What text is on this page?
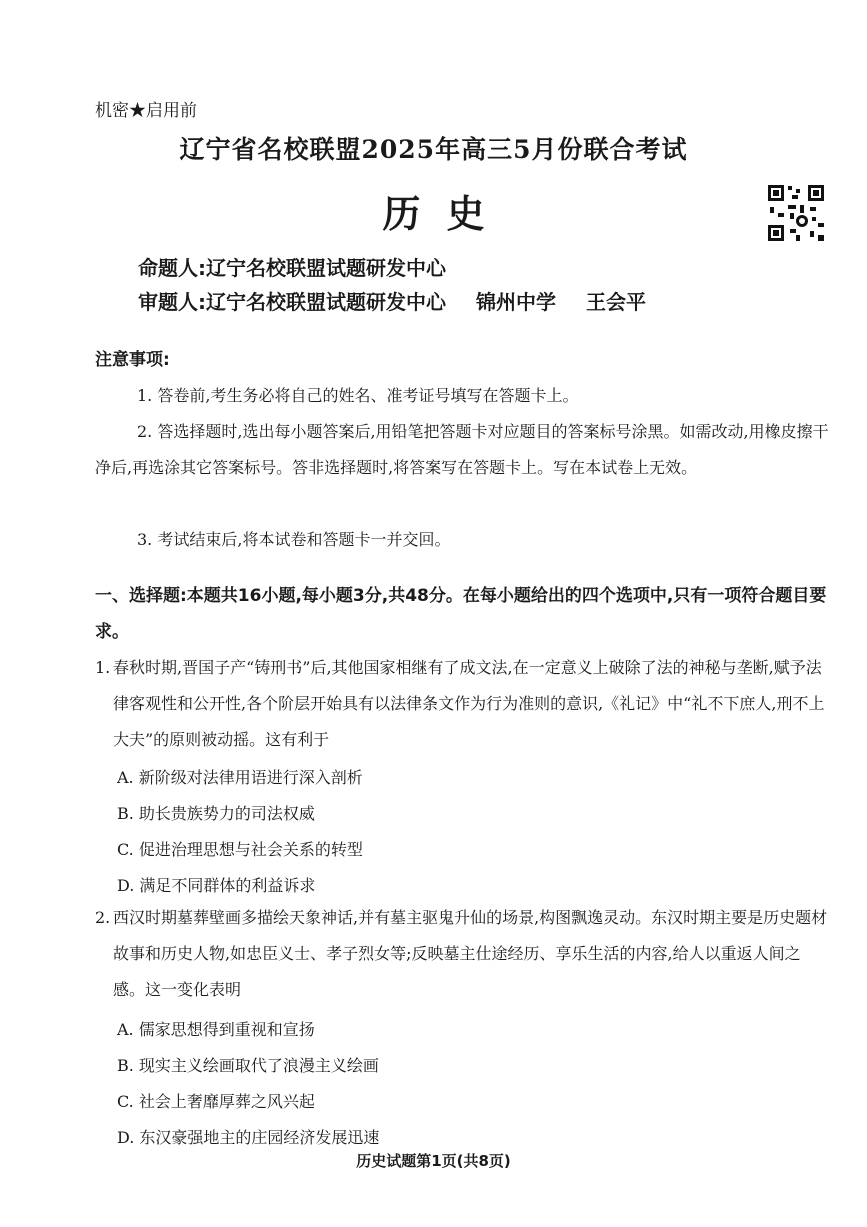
机密★启用前
辽宁省名校联盟2025年高三5月份联合考试
历史
命题人:辽宁名校联盟试题研发中心
审题人:辽宁名校联盟试题研发中心 锦州中学 王会平
注意事项:
1. 答卷前,考生务必将自己的姓名、准考证号填写在答题卡上。
2. 答选择题时,选出每小题答案后,用铅笔把答题卡对应题目的答案标号涂黑。如需改动,用橡皮擦干净后,再选涂其它答案标号。答非选择题时,将答案写在答题卡上。写在本试卷上无效。
3. 考试结束后,将本试卷和答题卡一并交回。
一、选择题:本题共16小题,每小题3分,共48分。在每小题给出的四个选项中,只有一项符合题目要求。
1. 春秋时期,晋国子产“铸刑书”后,其他国家相继有了成文法,在一定意义上破除了法的神秘与垄断,赋予法律客观性和公开性,各个阶层开始具有以法律条文作为行为准则的意识,《礼记》中“礼不下庶人,刑不上大夫”的原则被动摇。这有利于
A. 新阶级对法律用语进行深入剖析
B. 助长贵族势力的司法权威
C. 促进治理思想与社会关系的转型
D. 满足不同群体的利益诉求
2. 西汉时期墓葬壁画多描绘天象神话,并有墓主驱鬼升仙的场景,构图飘逸灵动。东汉时期主要是历史题材故事和历史人物,如忠臣义士、孝子烈女等;反映墓主仕途经历、享乐生活的内容,给人以重返人间之感。这一变化表明
A. 儒家思想得到重视和宣扬
B. 现实主义绘画取代了浪漫主义绘画
C. 社会上奢靡厚葬之风兴起
D. 东汉豪强地主的庄园经济发展迅速
历史试题第1页(共8页)
